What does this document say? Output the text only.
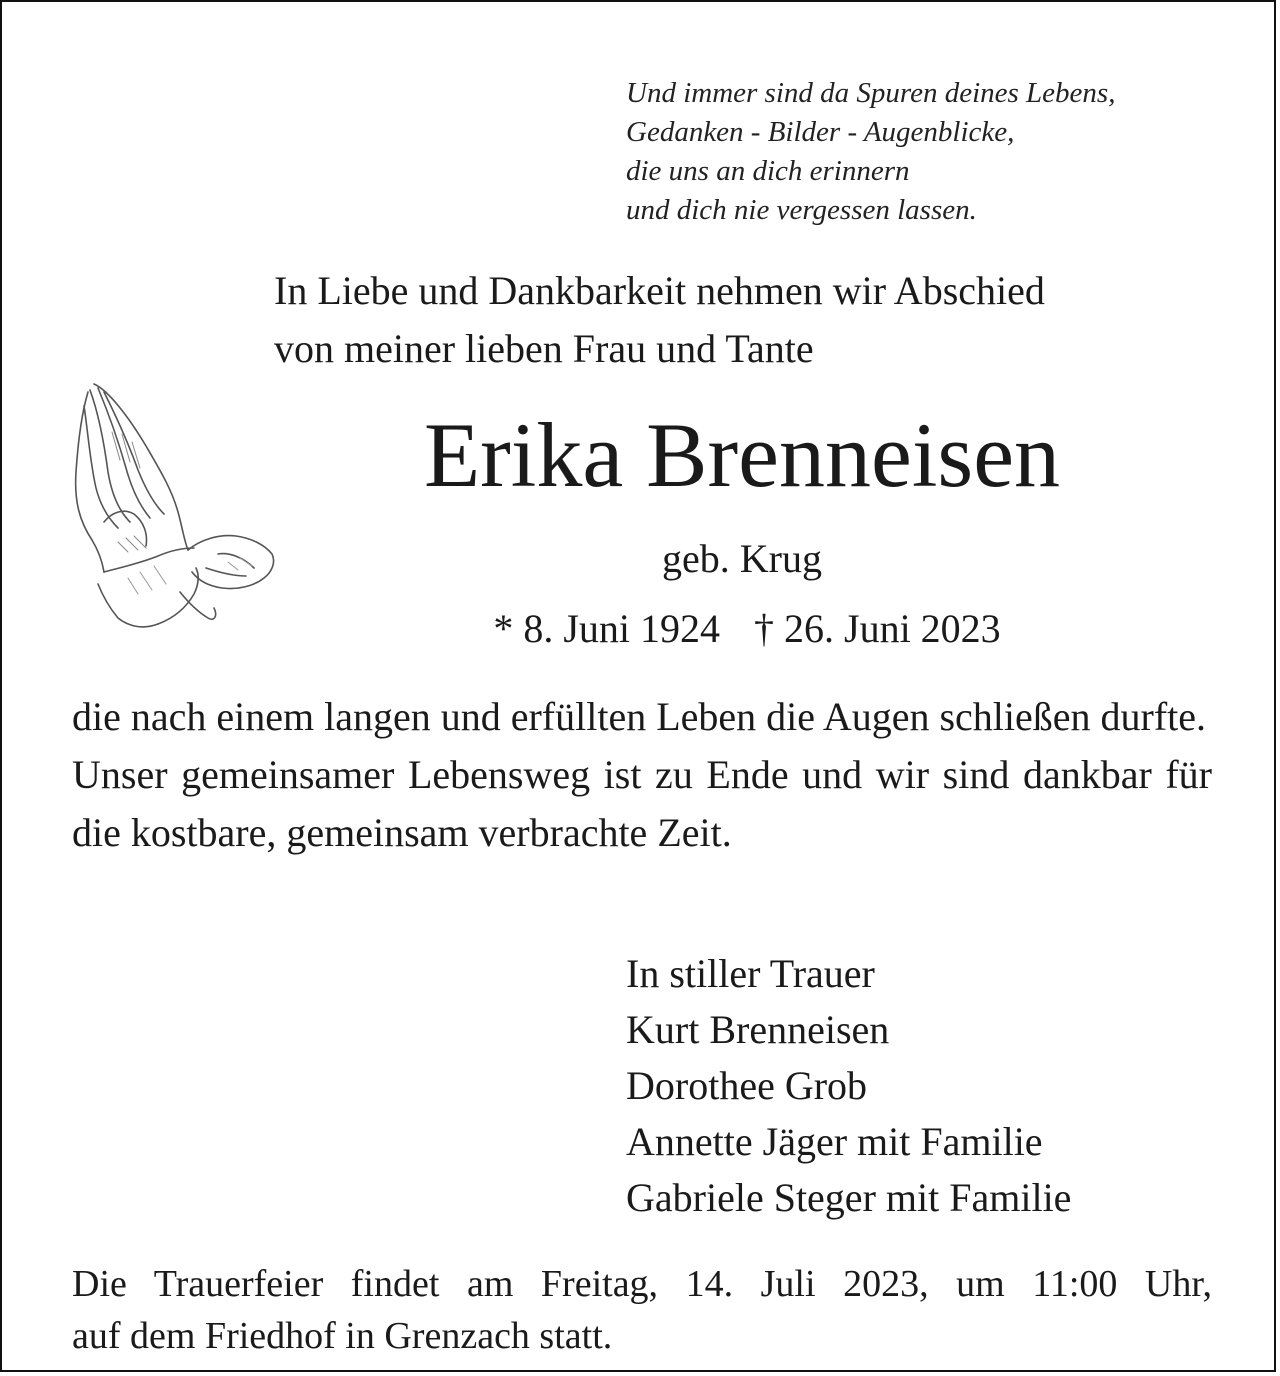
Und immer sind da Spuren deines Lebens,
Gedanken - Bilder - Augenblicke,
die uns an dich erinnern
und dich nie vergessen lassen.
In Liebe und Dankbarkeit nehmen wir Abschied
von meiner lieben Frau und Tante
Erika Brenneisen
geb. Krug
* 8. Juni 1924 † 26. Juni 2023
die nach einem langen und erfüllten Leben die Augen schließen durfte.
Unser gemeinsamer Lebensweg ist zu Ende und wir sind dankbar für die kostbare, gemeinsam verbrachte Zeit.
In stiller Trauer
Kurt Brenneisen
Dorothee Grob
Annette Jäger mit Familie
Gabriele Steger mit Familie
Die Trauerfeier findet am Freitag, 14. Juli 2023, um 11:00 Uhr,
auf dem Friedhof in Grenzach statt.
